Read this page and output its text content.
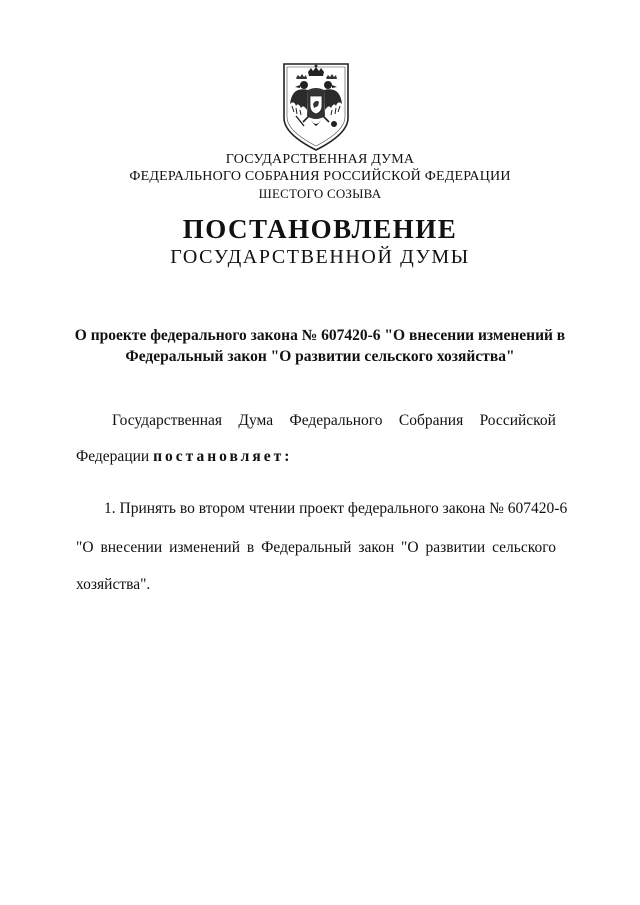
ГОСУДАРСТВЕННАЯ ДУМА
ФЕДЕРАЛЬНОГО СОБРАНИЯ РОССИЙСКОЙ ФЕДЕРАЦИИ
ШЕСТОГО СОЗЫВА
ПОСТАНОВЛЕНИЕ
ГОСУДАРСТВЕННОЙ ДУМЫ
О проекте федерального закона № 607420-6 "О внесении изменений в
Федеральный закон "О развитии сельского хозяйства"
Государственная Дума Федерального Собрания Российской
Федерации постановляет:
1. Принять во втором чтении проект федерального закона № 607420-6
"О внесении изменений в Федеральный закон "О развитии сельского
хозяйства".
